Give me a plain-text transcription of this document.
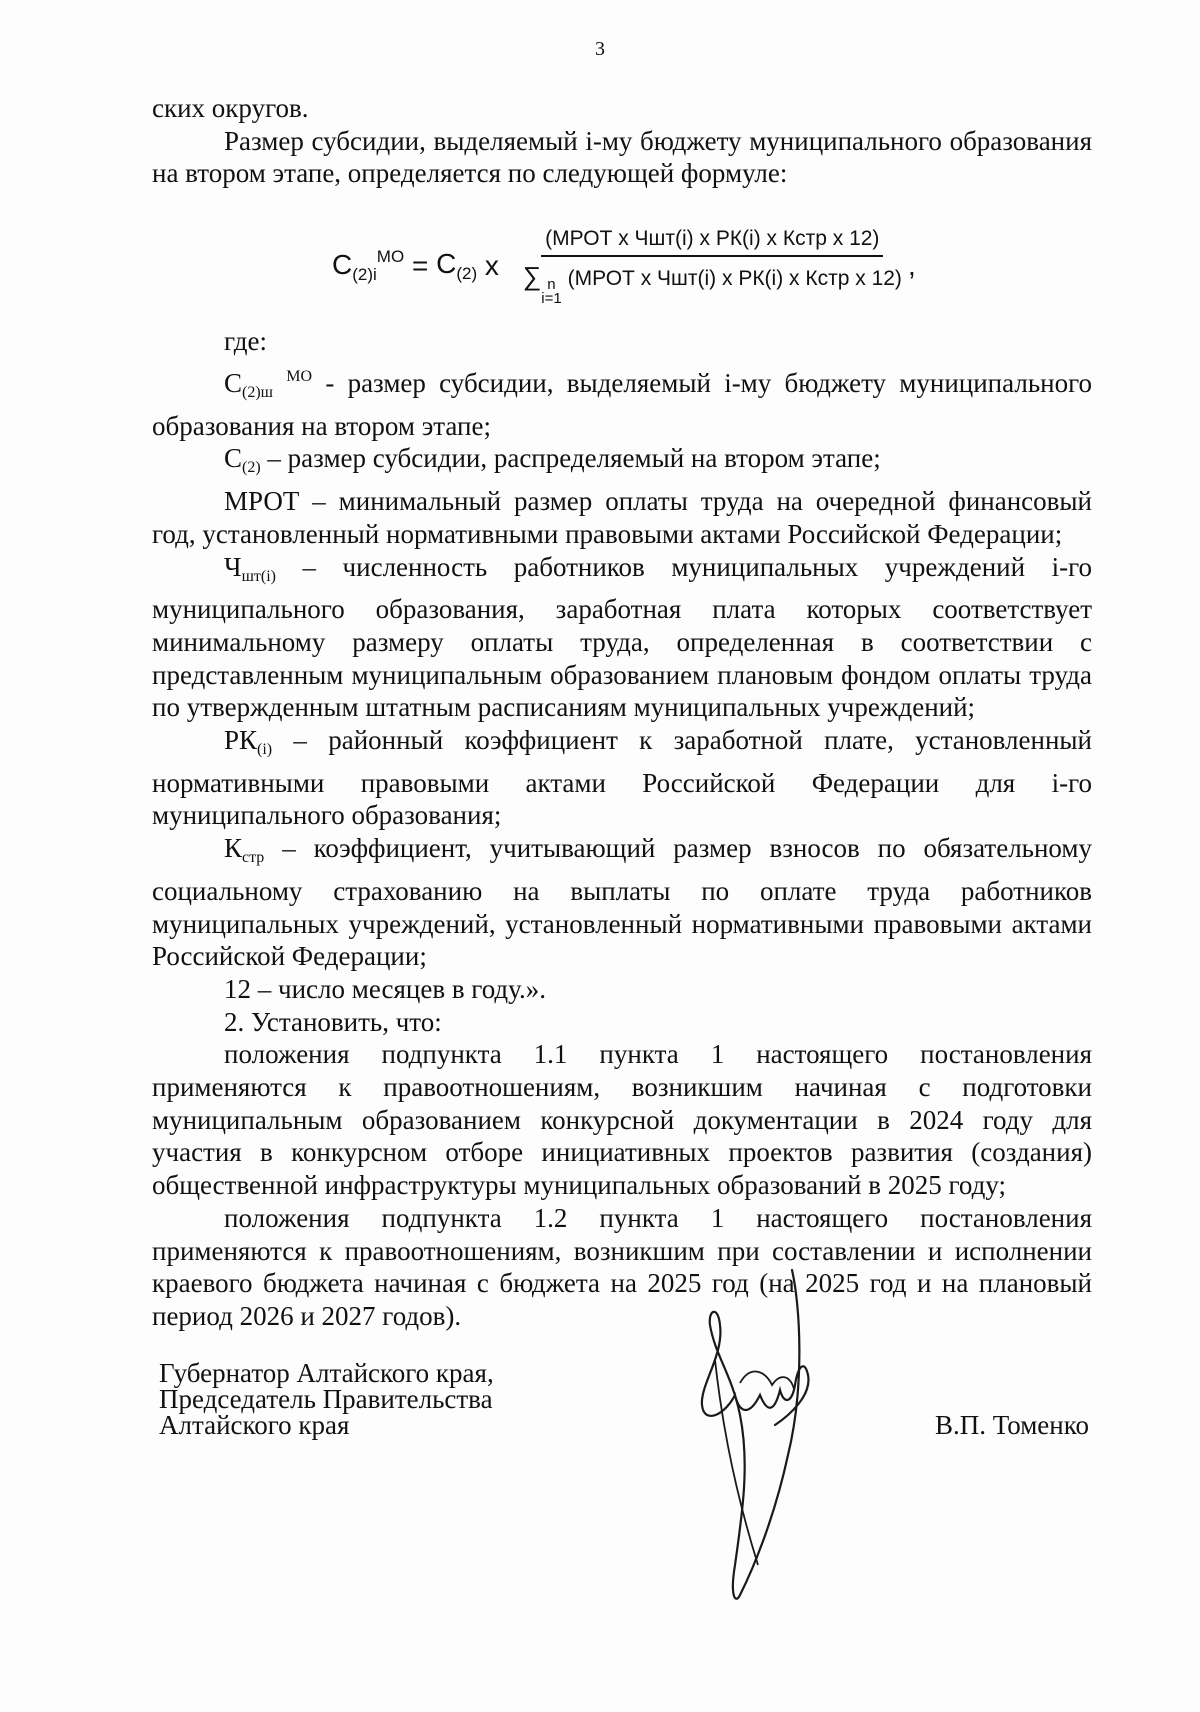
3

ских округов.

Размер субсидии, выделяемый i-му бюджету муниципального образования на втором этапе, определяется по следующей формуле:

$C_{(2)i}^{МО} = C_{(2)}$ x (МРОТ x Чшт(i) x РК(i) x Кстр x 12)
∑ n
i=1
(МРОТ x Чшт(i) x РК(i) x Кстр x 12) ,
где:

C(2)ш $^{МО}$ - размер субсидии, выделяемый i-му бюджету муниципального образования на втором этапе;

C(2) – размер субсидии, распределяемый на втором этапе;

МРОТ – минимальный размер оплаты труда на очередной финансовый год, установленный нормативными правовыми актами Российской Федерации;

Чшт(i) – численность работников муниципальных учреждений i-го муниципального образования, заработная плата которых соответствует минимальному размеру оплаты труда, определенная в соответствии с представленным муниципальным образованием плановым фондом оплаты труда по утвержденным штатным расписаниям муниципальных учреждений;

РК(i) – районный коэффициент к заработной плате, установленный нормативными правовыми актами Российской Федерации для i-го муниципального образования;

Кстр – коэффициент, учитывающий размер взносов по обязательному социальному страхованию на выплаты по оплате труда работников муниципальных учреждений, установленный нормативными правовыми актами Российской Федерации;

12 – число месяцев в году.».

2. Установить, что:

положения подпункта 1.1 пункта 1 настоящего постановления применяются к правоотношениям, возникшим начиная с подготовки муниципальным образованием конкурсной документации в 2024 году для участия в конкурсном отборе инициативных проектов развития (создания) общественной инфраструктуры муниципальных образований в 2025 году;

положения подпункта 1.2 пункта 1 настоящего постановления применяются к правоотношениям, возникшим при составлении и исполнении краевого бюджета начиная с бюджета на 2025 год (на 2025 год и на плановый период 2026 и 2027 годов).

Губернатор Алтайского края,
Председатель Правительства
Алтайского края	В.П. Томенко
